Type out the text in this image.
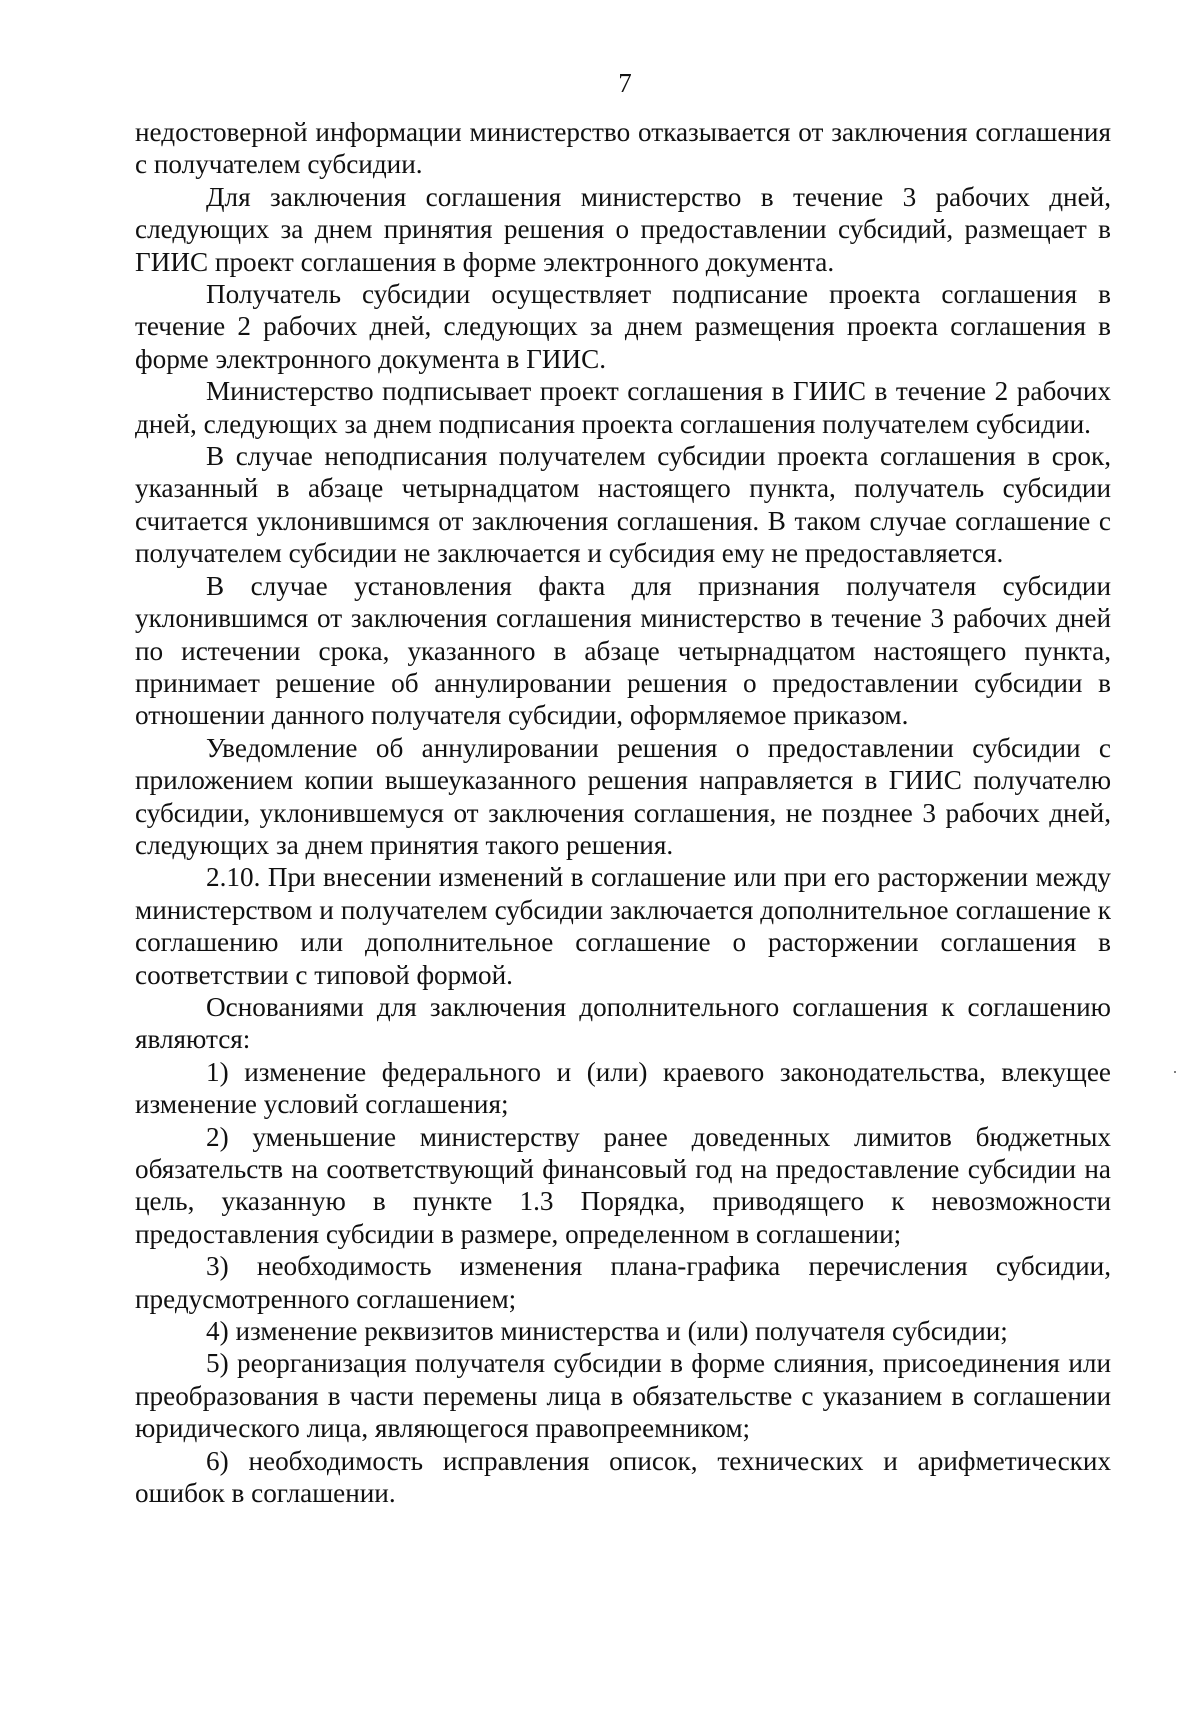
7

недостоверной информации министерство отказывается от заключения соглашения с получателем субсидии.

Для заключения соглашения министерство в течение 3 рабочих дней, следующих за днем принятия решения о предоставлении субсидий, размещает в ГИИС проект соглашения в форме электронного документа.

Получатель субсидии осуществляет подписание проекта соглашения в течение 2 рабочих дней, следующих за днем размещения проекта соглашения в форме электронного документа в ГИИС.

Министерство подписывает проект соглашения в ГИИС в течение 2 рабочих дней, следующих за днем подписания проекта соглашения получателем субсидии.

В случае неподписания получателем субсидии проекта соглашения в срок, указанный в абзаце четырнадцатом настоящего пункта, получатель субсидии считается уклонившимся от заключения соглашения. В таком случае соглашение с получателем субсидии не заключается и субсидия ему не предоставляется.

В случае установления факта для признания получателя субсидии уклонившимся от заключения соглашения министерство в течение 3 рабочих дней по истечении срока, указанного в абзаце четырнадцатом настоящего пункта, принимает решение об аннулировании решения о предоставлении субсидии в отношении данного получателя субсидии, оформляемое приказом.

Уведомление об аннулировании решения о предоставлении субсидии с приложением копии вышеуказанного решения направляется в ГИИС получателю субсидии, уклонившемуся от заключения соглашения, не позднее 3 рабочих дней, следующих за днем принятия такого решения.

2.10. При внесении изменений в соглашение или при его расторжении между министерством и получателем субсидии заключается дополнительное соглашение к соглашению или дополнительное соглашение о расторжении соглашения в соответствии с типовой формой.

Основаниями для заключения дополнительного соглашения к соглашению являются:

1) изменение федерального и (или) краевого законодательства, влекущее изменение условий соглашения;

2) уменьшение министерству ранее доведенных лимитов бюджетных обязательств на соответствующий финансовый год на предоставление субсидии на цель, указанную в пункте 1.3 Порядка, приводящего к невозможности предоставления субсидии в размере, определенном в соглашении;

3) необходимость изменения плана-графика перечисления субсидии, предусмотренного соглашением;

4) изменение реквизитов министерства и (или) получателя субсидии;

5) реорганизация получателя субсидии в форме слияния, присоединения или преобразования в части перемены лица в обязательстве с указанием в соглашении юридического лица, являющегося правопреемником;

6) необходимость исправления описок, технических и арифметических ошибок в соглашении.
